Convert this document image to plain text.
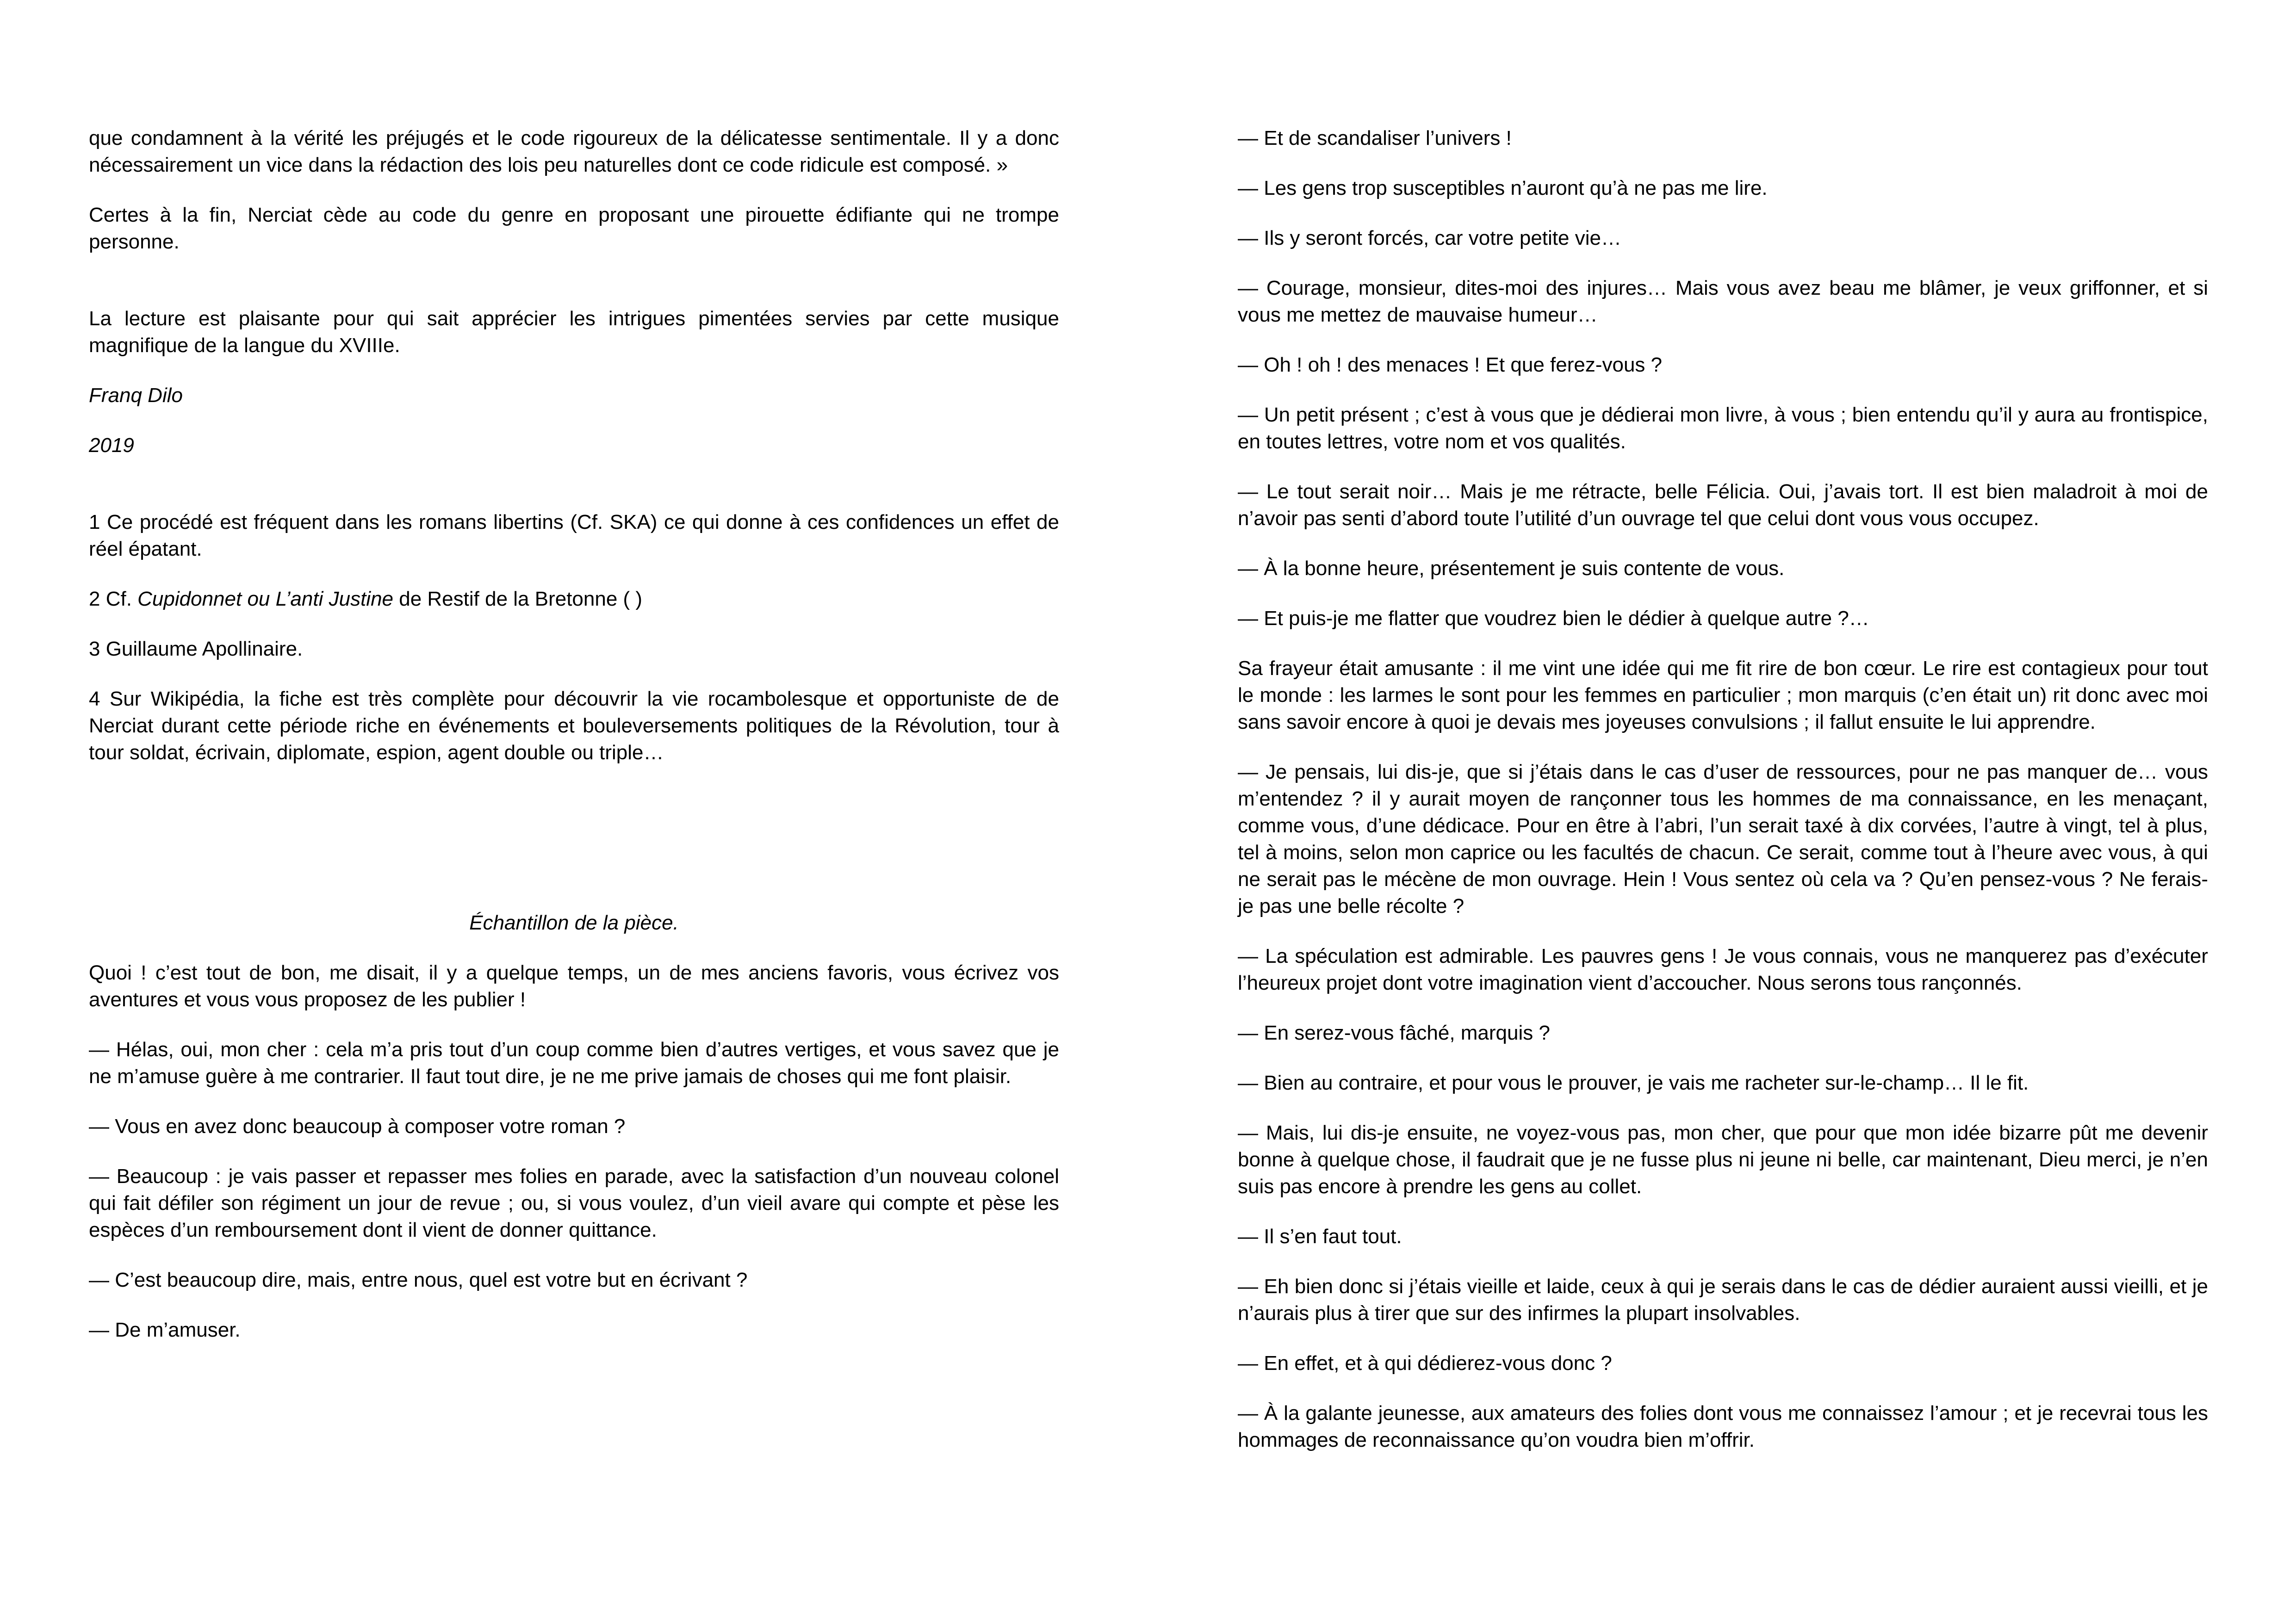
que condamnent à la vérité les préjugés et le code rigoureux de la délicatesse sentimentale. Il y a donc nécessairement un vice dans la rédaction des lois peu naturelles dont ce code ridicule est composé. »

Certes à la fin, Nerciat cède au code du genre en proposant une pirouette édifiante qui ne trompe personne.

La lecture est plaisante pour qui sait apprécier les intrigues pimentées servies par cette musique magnifique de la langue du XVIIIe.

Franq Dilo

2019

1 Ce procédé est fréquent dans les romans libertins (Cf. SKA) ce qui donne à ces confidences un effet de réel épatant.

2 Cf. Cupidonnet ou L’anti Justine de Restif de la Bretonne ( )

3 Guillaume Apollinaire.

4 Sur Wikipédia, la fiche est très complète pour découvrir la vie rocambolesque et opportuniste de de Nerciat durant cette période riche en événements et bouleversements politiques de la Révolution, tour à tour soldat, écrivain, diplomate, espion, agent double ou triple…

Échantillon de la pièce.

Quoi ! c’est tout de bon, me disait, il y a quelque temps, un de mes anciens favoris, vous écrivez vos aventures et vous vous proposez de les publier !

— Hélas, oui, mon cher : cela m’a pris tout d’un coup comme bien d’autres vertiges, et vous savez que je ne m’amuse guère à me contrarier. Il faut tout dire, je ne me prive jamais de choses qui me font plaisir.

— Vous en avez donc beaucoup à composer votre roman ?

— Beaucoup : je vais passer et repasser mes folies en parade, avec la satisfaction d’un nouveau colonel qui fait défiler son régiment un jour de revue ; ou, si vous voulez, d’un vieil avare qui compte et pèse les espèces d’un remboursement dont il vient de donner quittance.

— C’est beaucoup dire, mais, entre nous, quel est votre but en écrivant ?

— De m’amuser.

— Et de scandaliser l’univers !

— Les gens trop susceptibles n’auront qu’à ne pas me lire.

— Ils y seront forcés, car votre petite vie…

— Courage, monsieur, dites-moi des injures… Mais vous avez beau me blâmer, je veux griffonner, et si vous me mettez de mauvaise humeur…

— Oh ! oh ! des menaces ! Et que ferez-vous ?

— Un petit présent ; c’est à vous que je dédierai mon livre, à vous ; bien entendu qu’il y aura au frontispice, en toutes lettres, votre nom et vos qualités.

— Le tout serait noir… Mais je me rétracte, belle Félicia. Oui, j’avais tort. Il est bien maladroit à moi de n’avoir pas senti d’abord toute l’utilité d’un ouvrage tel que celui dont vous vous occupez.

— À la bonne heure, présentement je suis contente de vous.

— Et puis-je me flatter que voudrez bien le dédier à quelque autre ?…

Sa frayeur était amusante : il me vint une idée qui me fit rire de bon cœur. Le rire est contagieux pour tout le monde : les larmes le sont pour les femmes en particulier ; mon marquis (c’en était un) rit donc avec moi sans savoir encore à quoi je devais mes joyeuses convulsions ; il fallut ensuite le lui apprendre.

— Je pensais, lui dis-je, que si j’étais dans le cas d’user de ressources, pour ne pas manquer de… vous m’entendez ? il y aurait moyen de rançonner tous les hommes de ma connaissance, en les menaçant, comme vous, d’une dédicace. Pour en être à l’abri, l’un serait taxé à dix corvées, l’autre à vingt, tel à plus, tel à moins, selon mon caprice ou les facultés de chacun. Ce serait, comme tout à l’heure avec vous, à qui ne serait pas le mécène de mon ouvrage. Hein ! Vous sentez où cela va ? Qu’en pensez-vous ? Ne ferais-je pas une belle récolte ?

— La spéculation est admirable. Les pauvres gens ! Je vous connais, vous ne manquerez pas d’exécuter l’heureux projet dont votre imagination vient d’accoucher. Nous serons tous rançonnés.

— En serez-vous fâché, marquis ?

— Bien au contraire, et pour vous le prouver, je vais me racheter sur-le-champ… Il le fit.

— Mais, lui dis-je ensuite, ne voyez-vous pas, mon cher, que pour que mon idée bizarre pût me devenir bonne à quelque chose, il faudrait que je ne fusse plus ni jeune ni belle, car maintenant, Dieu merci, je n’en suis pas encore à prendre les gens au collet.

— Il s’en faut tout.

— Eh bien donc si j’étais vieille et laide, ceux à qui je serais dans le cas de dédier auraient aussi vieilli, et je n’aurais plus à tirer que sur des infirmes la plupart insolvables.

— En effet, et à qui dédierez-vous donc ?

— À la galante jeunesse, aux amateurs des folies dont vous me connaissez l’amour ; et je recevrai tous les hommages de reconnaissance qu’on voudra bien m’offrir.
